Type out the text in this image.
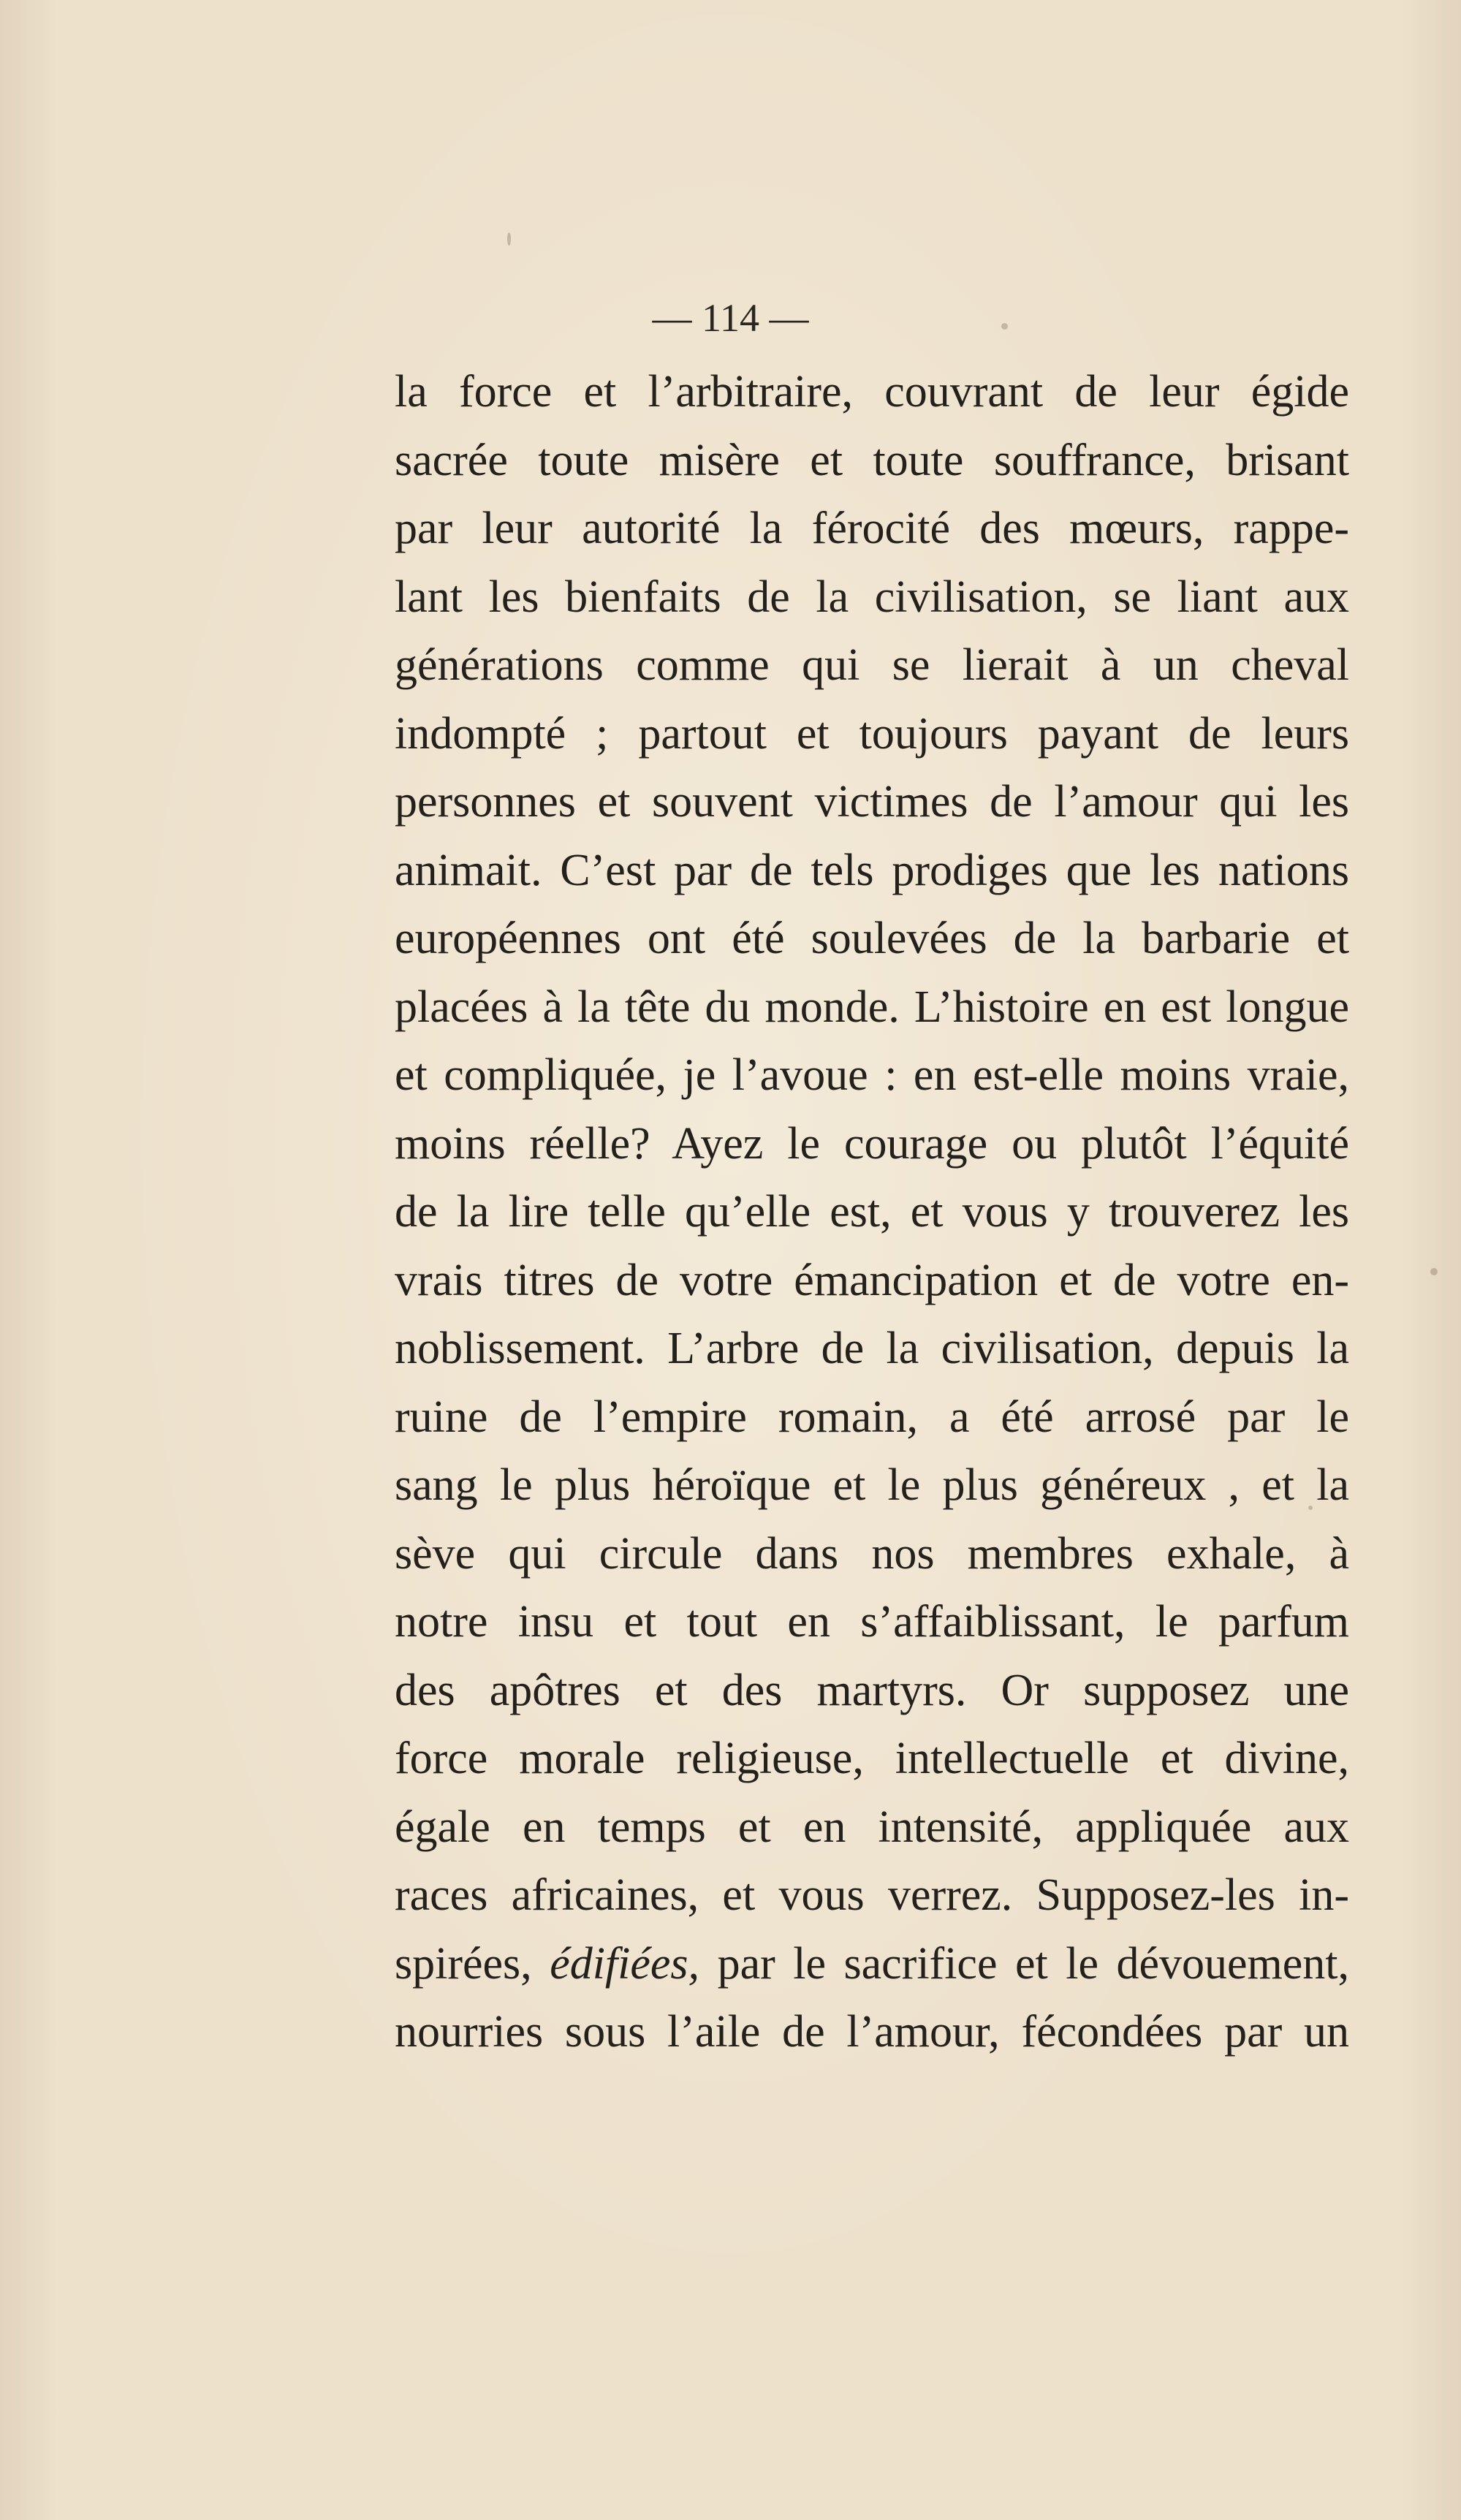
— 114 —
la force et l’arbitraire, couvrant de leur égide
sacrée toute misère et toute souffrance, brisant
par leur autorité la férocité des mœurs, rappe-
lant les bienfaits de la civilisation, se liant aux
générations comme qui se lierait à un cheval
indompté ; partout et toujours payant de leurs
personnes et souvent victimes de l’amour qui les
animait. C’est par de tels prodiges que les nations
européennes ont été soulevées de la barbarie et
placées à la tête du monde. L’histoire en est longue
et compliquée, je l’avoue : en est-elle moins vraie,
moins réelle? Ayez le courage ou plutôt l’équité
de la lire telle qu’elle est, et vous y trouverez les
vrais titres de votre émancipation et de votre en-
noblissement. L’arbre de la civilisation, depuis la
ruine de l’empire romain, a été arrosé par le
sang le plus héroïque et le plus généreux , et la
sève qui circule dans nos membres exhale, à
notre insu et tout en s’affaiblissant, le parfum
des apôtres et des martyrs. Or supposez une
force morale religieuse, intellectuelle et divine,
égale en temps et en intensité, appliquée aux
races africaines, et vous verrez. Supposez-les in-
spirées, édifiées, par le sacrifice et le dévouement,
nourries sous l’aile de l’amour, fécondées par un
